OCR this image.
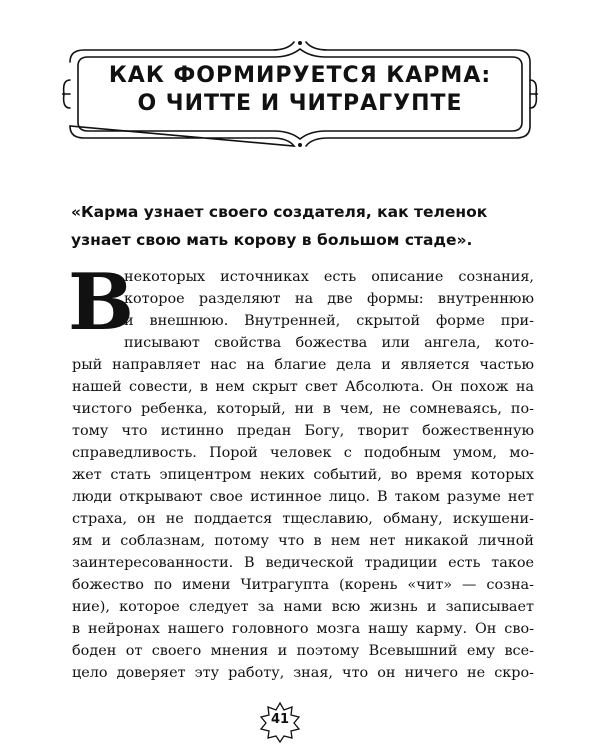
КАК ФОРМИРУЕТСЯ КАРМА:
О ЧИТТЕ И ЧИТРАГУПТЕ
«Карма узнает своего создателя, как теленок
узнает свою мать корову в большом стаде».
В
некоторых источниках есть описание сознания,
которое разделяют на две формы: внутреннюю
и внешнюю. Внутренней, скрытой форме при-
писывают свойства божества или ангела, кото-
рый направляет нас на благие дела и является частью
нашей совести, в нем скрыт свет Абсолюта. Он похож на
чистого ребенка, который, ни в чем, не сомневаясь, по-
тому что истинно предан Богу, творит божественную
справедливость. Порой человек с подобным умом, мо-
жет стать эпицентром неких событий, во время которых
люди открывают свое истинное лицо. В таком разуме нет
страха, он не поддается тщеславию, обману, искушени-
ям и соблазнам, потому что в нем нет никакой личной
заинтересованности. В ведической традиции есть такое
божество по имени Читрагупта (корень «чит» — созна-
ние), которое следует за нами всю жизнь и записывает
в нейронах нашего головного мозга нашу карму. Он сво-
боден от своего мнения и поэтому Всевышний ему все-
цело доверяет эту работу, зная, что он ничего не скро-
41
